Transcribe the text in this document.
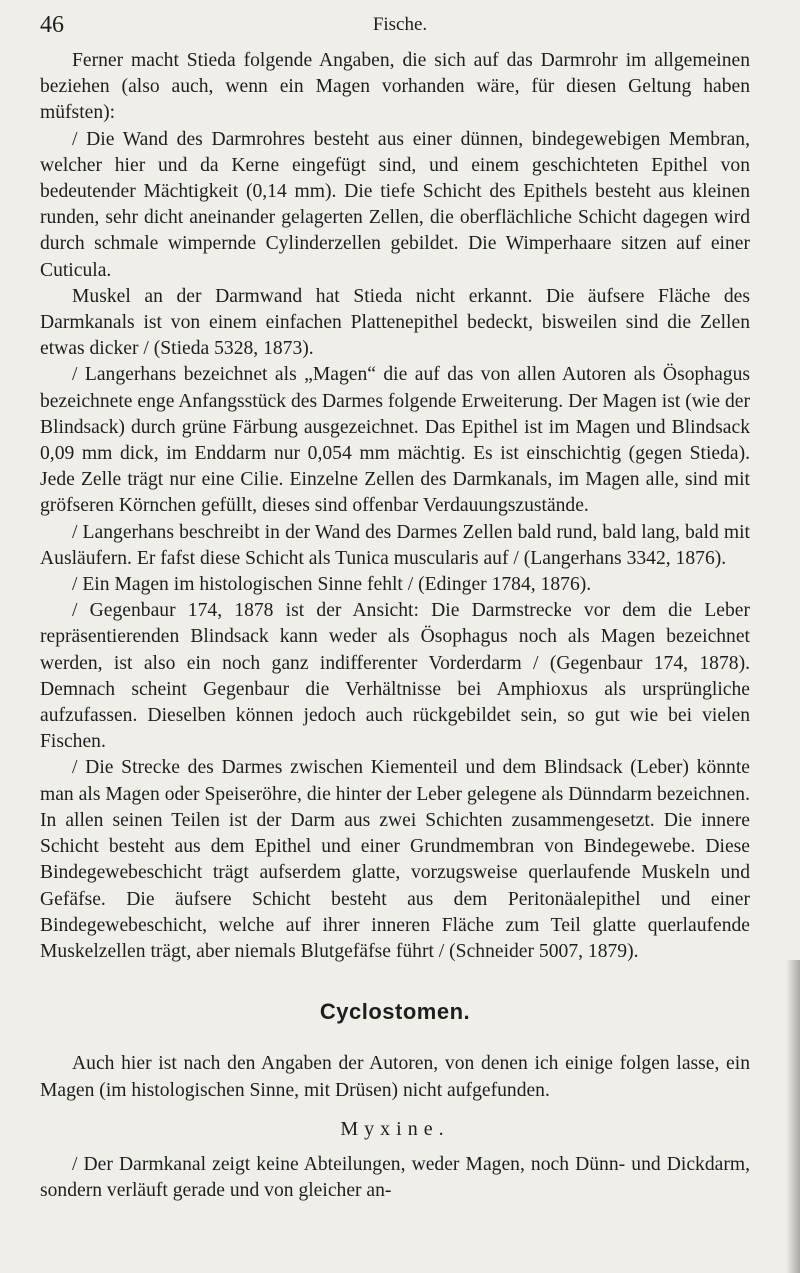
46	Fische.

Ferner macht Stieda folgende Angaben, die sich auf das Darmrohr im allgemeinen beziehen (also auch, wenn ein Magen vorhanden wäre, für diesen Geltung haben müfsten):

/ Die Wand des Darmrohres besteht aus einer dünnen, bindegewebigen Membran, welcher hier und da Kerne eingefügt sind, und einem geschichteten Epithel von bedeutender Mächtigkeit (0,14 mm). Die tiefe Schicht des Epithels besteht aus kleinen runden, sehr dicht aneinander gelagerten Zellen, die oberflächliche Schicht dagegen wird durch schmale wimpernde Cylinderzellen gebildet. Die Wimperhaare sitzen auf einer Cuticula.

Muskel an der Darmwand hat Stieda nicht erkannt. Die äufsere Fläche des Darmkanals ist von einem einfachen Plattenepithel bedeckt, bisweilen sind die Zellen etwas dicker / (Stieda 5328, 1873).

/ Langerhans bezeichnet als „Magen“ die auf das von allen Autoren als Ösophagus bezeichnete enge Anfangsstück des Darmes folgende Erweiterung. Der Magen ist (wie der Blindsack) durch grüne Färbung ausgezeichnet. Das Epithel ist im Magen und Blindsack 0,09 mm dick, im Enddarm nur 0,054 mm mächtig. Es ist einschichtig (gegen Stieda). Jede Zelle trägt nur eine Cilie. Einzelne Zellen des Darmkanals, im Magen alle, sind mit gröfseren Körnchen gefüllt, dieses sind offenbar Verdauungszustände.

/ Langerhans beschreibt in der Wand des Darmes Zellen bald rund, bald lang, bald mit Ausläufern. Er fafst diese Schicht als Tunica muscularis auf / (Langerhans 3342, 1876).

/ Ein Magen im histologischen Sinne fehlt / (Edinger 1784, 1876).

/ Gegenbaur 174, 1878 ist der Ansicht: Die Darmstrecke vor dem die Leber repräsentierenden Blindsack kann weder als Ösophagus noch als Magen bezeichnet werden, ist also ein noch ganz indifferenter Vorderdarm / (Gegenbaur 174, 1878). Demnach scheint Gegenbaur die Verhältnisse bei Amphioxus als ursprüngliche aufzufassen. Dieselben können jedoch auch rückgebildet sein, so gut wie bei vielen Fischen.

/ Die Strecke des Darmes zwischen Kiementeil und dem Blindsack (Leber) könnte man als Magen oder Speiseröhre, die hinter der Leber gelegene als Dünndarm bezeichnen. In allen seinen Teilen ist der Darm aus zwei Schichten zusammengesetzt. Die innere Schicht besteht aus dem Epithel und einer Grundmembran von Bindegewebe. Diese Bindegewebeschicht trägt aufserdem glatte, vorzugsweise querlaufende Muskeln und Gefäfse. Die äufsere Schicht besteht aus dem Peritonäalepithel und einer Bindegewebeschicht, welche auf ihrer inneren Fläche zum Teil glatte querlaufende Muskelzellen trägt, aber niemals Blutgefäfse führt / (Schneider 5007, 1879).

Cyclostomen.

Auch hier ist nach den Angaben der Autoren, von denen ich einige folgen lasse, ein Magen (im histologischen Sinne, mit Drüsen) nicht aufgefunden.

Myxine.

/ Der Darmkanal zeigt keine Abteilungen, weder Magen, noch Dünn- und Dickdarm, sondern verläuft gerade und von gleicher an-
